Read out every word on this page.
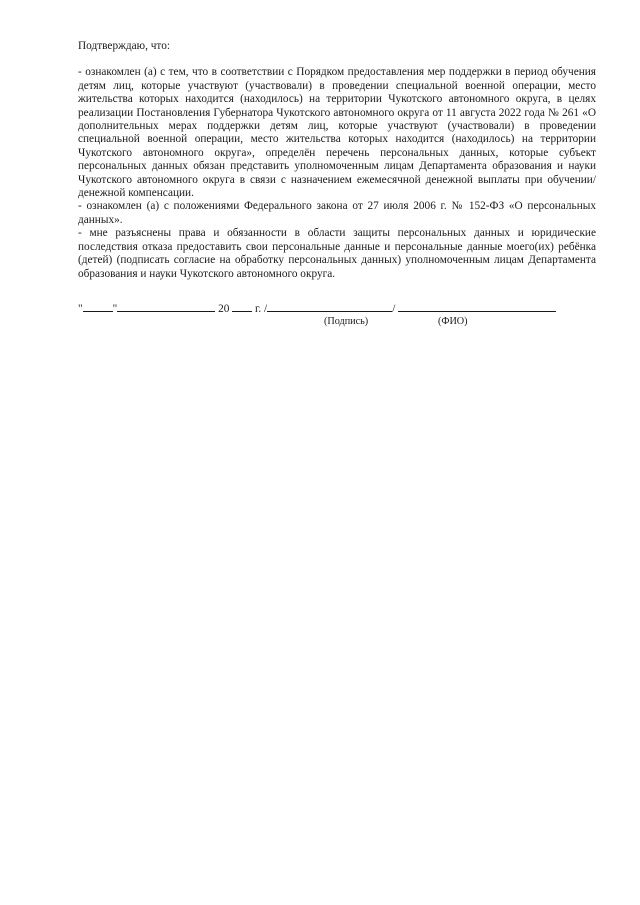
Подтверждаю, что:

- ознакомлен (а) с тем, что в соответствии с Порядком предоставления мер поддержки в период обучения детям лиц, которые участвуют (участвовали) в проведении специальной военной операции, место жительства которых находится (находилось) на территории Чукотского автономного округа, в целях реализации Постановления Губернатора Чукотского автономного округа от 11 августа 2022 года № 261 «О дополнительных мерах поддержки детям лиц, которые участвуют (участвовали) в проведении специальной военной операции, место жительства которых находится (находилось) на территории Чукотского автономного округа», определён перечень персональных данных, которые субъект персональных данных обязан представить уполномоченным лицам Департамента образования и науки Чукотского автономного округа в связи с назначением ежемесячной денежной выплаты при обучении/ денежной компенсации.

- ознакомлен (а) с положениями Федерального закона от 27 июля 2006 г. № 152-ФЗ «О персональных данных».

- мне разъяснены права и обязанности в области защиты персональных данных и юридические последствия отказа предоставить свои персональные данные и персональные данные моего(их) ребёнка (детей) (подписать согласие на обработку персональных данных) уполномоченным лицам Департамента образования и науки Чукотского автономного округа.

"	"	20 г. /	/
(Подпись)	(ФИО)
